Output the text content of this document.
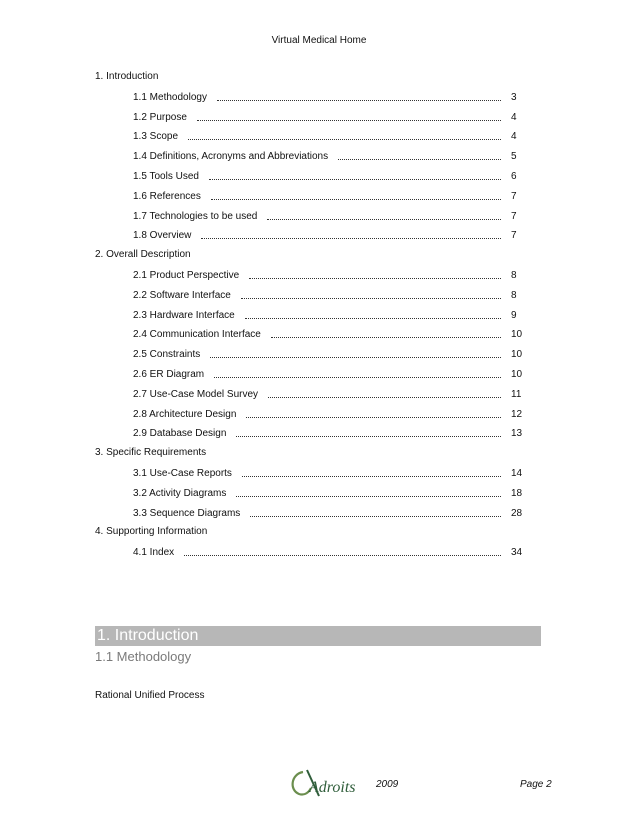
Virtual Medical Home
1. Introduction
1.1 Methodology
Rational Unified Process
Adroits 2009	Page 2
1. Introduction
1.1 Methodology	3
1.2 Purpose	4
1.3 Scope	4
1.4 Definitions, Acronyms and Abbreviations	5
1.5 Tools Used	6
1.6 References	7
1.7 Technologies to be used	7
1.8 Overview	7
2. Overall Description
2.1 Product Perspective	8
2.2 Software Interface	8
2.3 Hardware Interface	9
2.4 Communication Interface	10
2.5 Constraints	10
2.6 ER Diagram	10
2.7 Use-Case Model Survey	11
2.8 Architecture Design	12
2.9 Database Design	13
3. Specific Requirements
3.1 Use-Case Reports	14
3.2 Activity Diagrams	18
3.3 Sequence Diagrams	28
4. Supporting Information
4.1 Index	34
